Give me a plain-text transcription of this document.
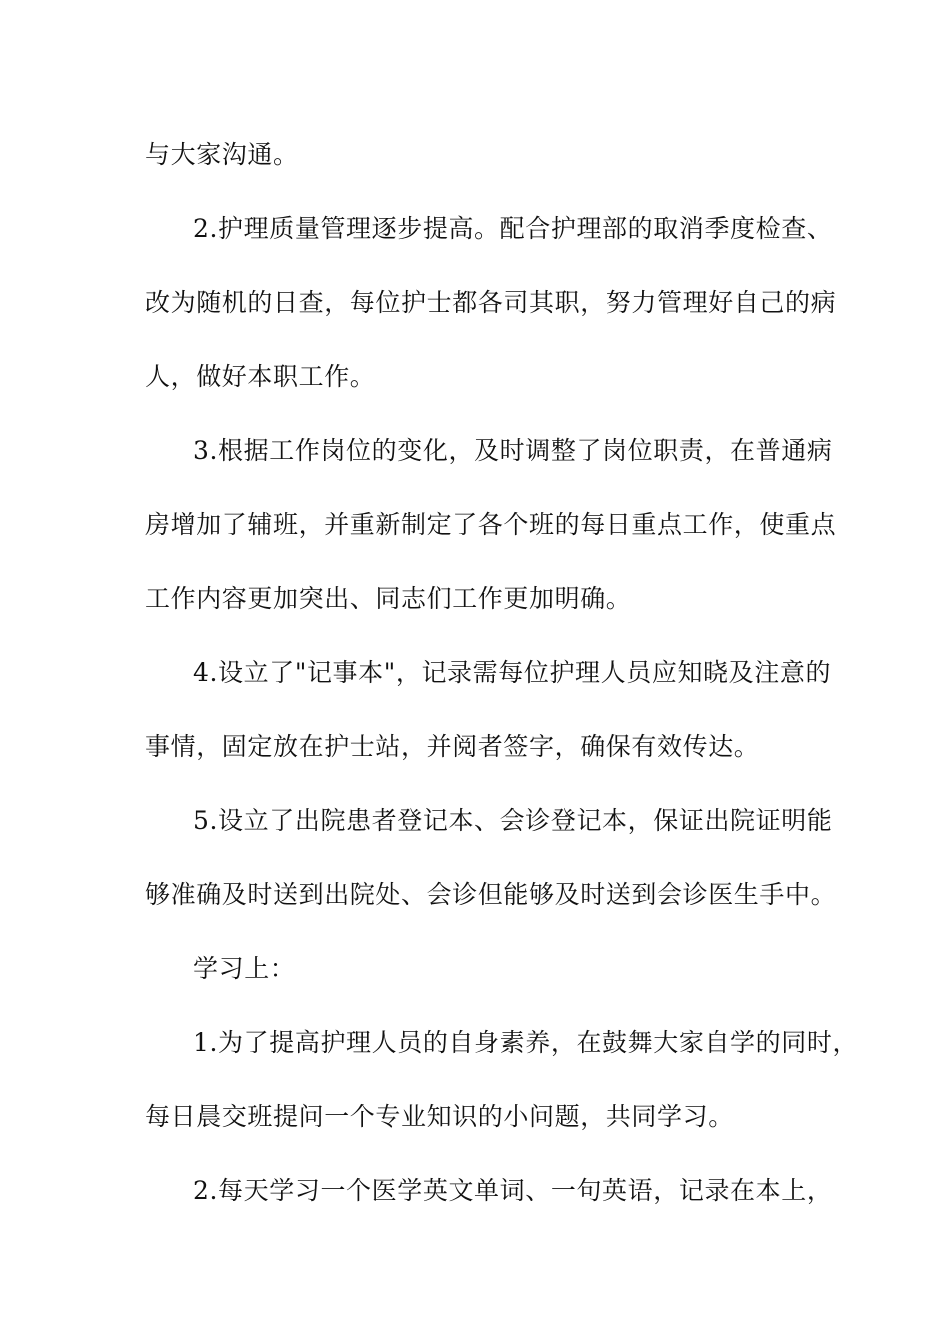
与大家沟通。
2.护理质量管理逐步提高。配合护理部的取消季度检查、
改为随机的日查，每位护士都各司其职，努力管理好自己的病
人，做好本职工作。
3.根据工作岗位的变化，及时调整了岗位职责，在普通病
房增加了辅班，并重新制定了各个班的每日重点工作，使重点
工作内容更加突出、同志们工作更加明确。
4.设立了"记事本"，记录需每位护理人员应知晓及注意的
事情，固定放在护士站，并阅者签字，确保有效传达。
5.设立了出院患者登记本、会诊登记本，保证出院证明能
够准确及时送到出院处、会诊但能够及时送到会诊医生手中。
学习上：
1.为了提高护理人员的自身素养，在鼓舞大家自学的同时，
每日晨交班提问一个专业知识的小问题，共同学习。
2.每天学习一个医学英文单词、一句英语，记录在本上，
